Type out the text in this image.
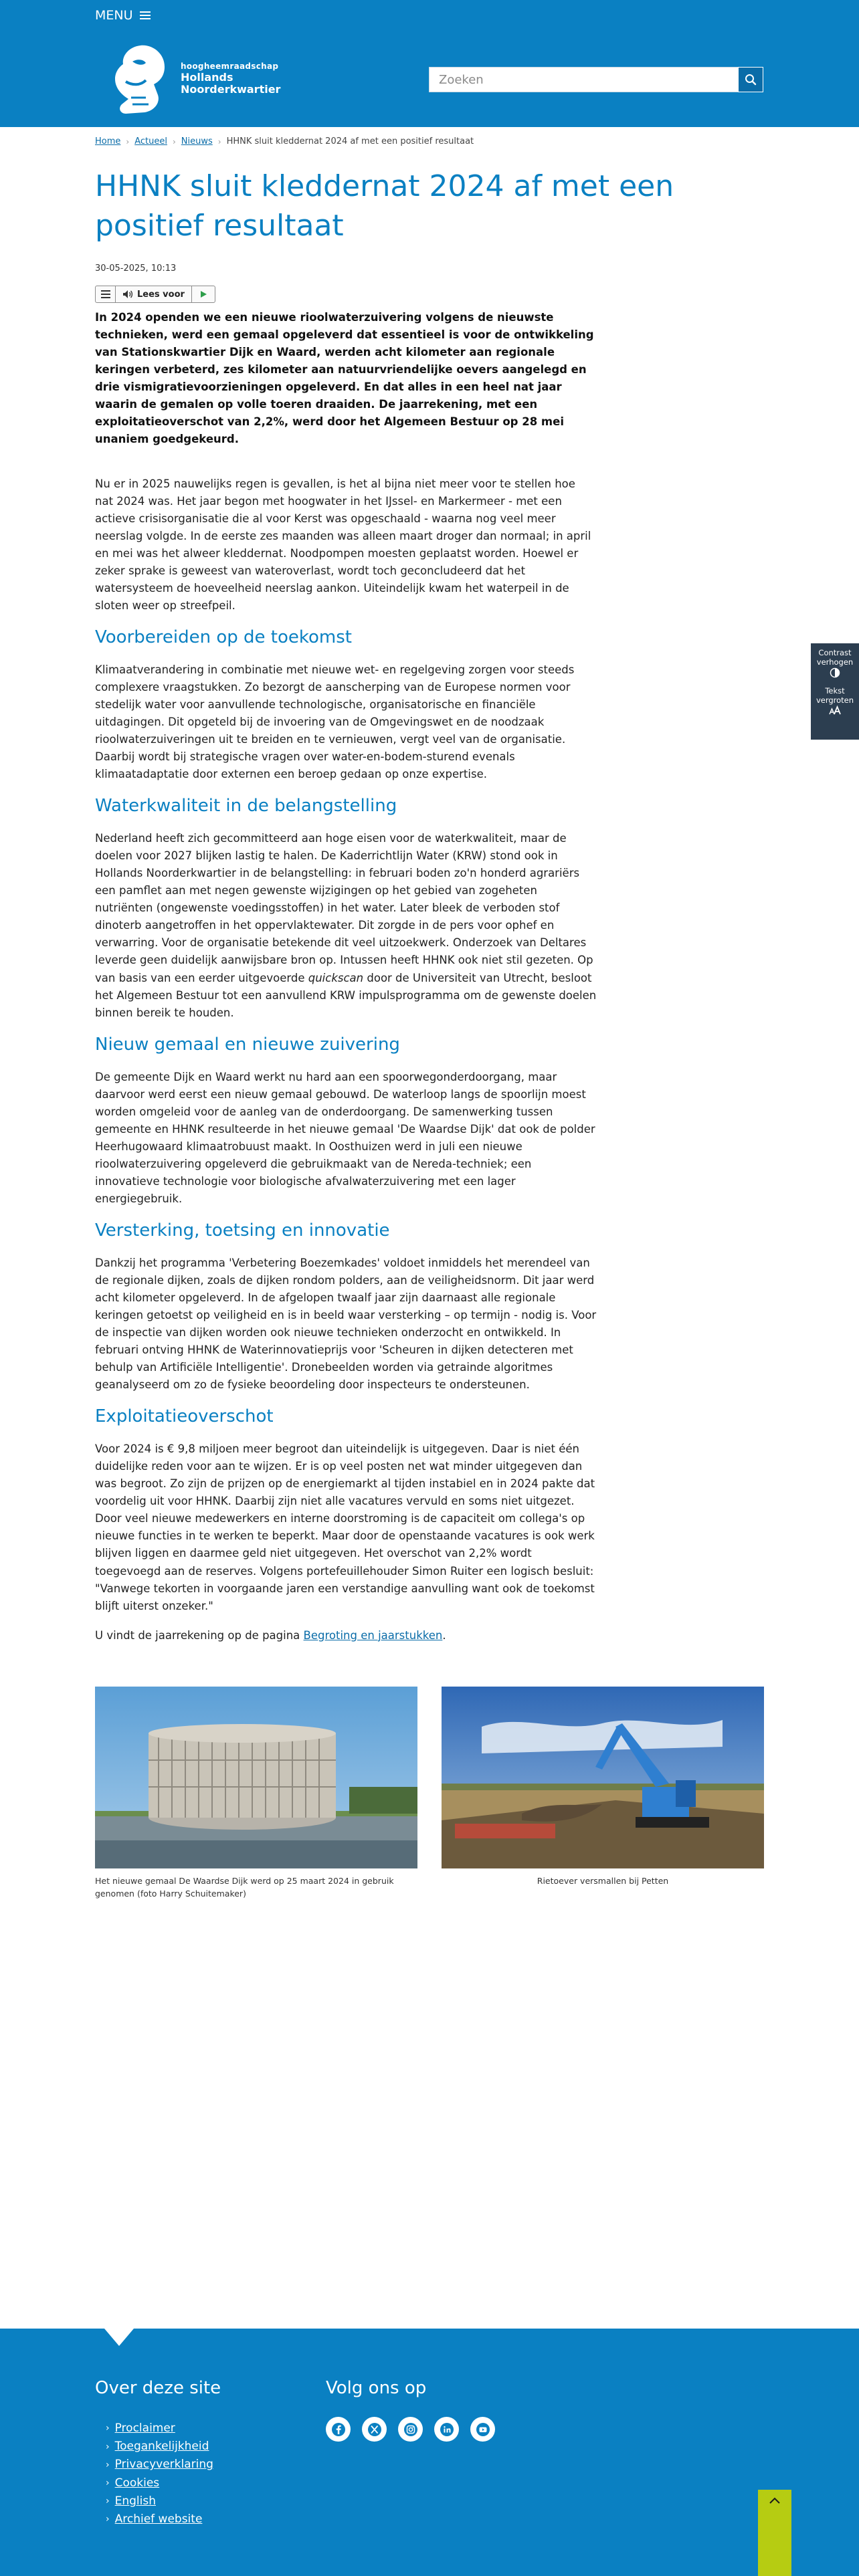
MENU
hoogheemraadschap
Hollands
Noorderkwartier
Zoeken
Home › Actueel › Nieuws › HHNK sluit kleddernat 2024 af met een positief resultaat
HHNK sluit kleddernat 2024 af met een positief resultaat
30-05-2025, 10:13
Lees voor

In 2024 openden we een nieuwe rioolwaterzuivering volgens de nieuwste technieken, werd een gemaal opgeleverd dat essentieel is voor de ontwikkeling van Stationskwartier Dijk en Waard, werden acht kilometer aan regionale keringen verbeterd, zes kilometer aan natuurvriendelijke oevers aangelegd en drie vismigratievoorzieningen opgeleverd. En dat alles in een heel nat jaar waarin de gemalen op volle toeren draaiden. De jaarrekening, met een exploitatieoverschot van 2,2%, werd door het Algemeen Bestuur op 28 mei unaniem goedgekeurd.

Nu er in 2025 nauwelijks regen is gevallen, is het al bijna niet meer voor te stellen hoe nat 2024 was. Het jaar begon met hoogwater in het IJssel- en Markermeer - met een actieve crisisorganisatie die al voor Kerst was opgeschaald - waarna nog veel meer neerslag volgde. In de eerste zes maanden was alleen maart droger dan normaal; in april en mei was het alweer kleddernat. Noodpompen moesten geplaatst worden. Hoewel er zeker sprake is geweest van wateroverlast, wordt toch geconcludeerd dat het watersysteem de hoeveelheid neerslag aankon. Uiteindelijk kwam het waterpeil in de sloten weer op streefpeil.

Voorbereiden op de toekomst

Klimaatverandering in combinatie met nieuwe wet- en regelgeving zorgen voor steeds complexere vraagstukken. Zo bezorgt de aanscherping van de Europese normen voor stedelijk water voor aanvullende technologische, organisatorische en financiële uitdagingen. Dit opgeteld bij de invoering van de Omgevingswet en de noodzaak rioolwaterzuiveringen uit te breiden en te vernieuwen, vergt veel van de organisatie. Daarbij wordt bij strategische vragen over water-en-bodem-sturend evenals klimaatadaptatie door externen een beroep gedaan op onze expertise.

Waterkwaliteit in de belangstelling

Nederland heeft zich gecommitteerd aan hoge eisen voor de waterkwaliteit, maar de doelen voor 2027 blijken lastig te halen. De Kaderrichtlijn Water (KRW) stond ook in Hollands Noorderkwartier in de belangstelling: in februari boden zo'n honderd agrariërs een pamflet aan met negen gewenste wijzigingen op het gebied van zogeheten nutriënten (ongewenste voedingsstoffen) in het water. Later bleek de verboden stof dinoterb aangetroffen in het oppervlaktewater. Dit zorgde in de pers voor ophef en verwarring. Voor de organisatie betekende dit veel uitzoekwerk. Onderzoek van Deltares leverde geen duidelijk aanwijsbare bron op. Intussen heeft HHNK ook niet stil gezeten. Op van basis van een eerder uitgevoerde quickscan door de Universiteit van Utrecht, besloot het Algemeen Bestuur tot een aanvullend KRW impulsprogramma om de gewenste doelen binnen bereik te houden.

Nieuw gemaal en nieuwe zuivering

De gemeente Dijk en Waard werkt nu hard aan een spoorwegonderdoorgang, maar daarvoor werd eerst een nieuw gemaal gebouwd. De waterloop langs de spoorlijn moest worden omgeleid voor de aanleg van de onderdoorgang. De samenwerking tussen gemeente en HHNK resulteerde in het nieuwe gemaal 'De Waardse Dijk' dat ook de polder Heerhugowaard klimaatrobuust maakt. In Oosthuizen werd in juli een nieuwe rioolwaterzuivering opgeleverd die gebruikmaakt van de Nereda-techniek; een innovatieve technologie voor biologische afvalwaterzuivering met een lager energiegebruik.

Versterking, toetsing en innovatie

Dankzij het programma 'Verbetering Boezemkades' voldoet inmiddels het merendeel van de regionale dijken, zoals de dijken rondom polders, aan de veiligheidsnorm. Dit jaar werd acht kilometer opgeleverd. In de afgelopen twaalf jaar zijn daarnaast alle regionale keringen getoetst op veiligheid en is in beeld waar versterking – op termijn - nodig is. Voor de inspectie van dijken worden ook nieuwe technieken onderzocht en ontwikkeld. In februari ontving HHNK de Waterinnovatieprijs voor 'Scheuren in dijken detecteren met behulp van Artificiële Intelligentie'. Dronebeelden worden via getrainde algoritmes geanalyseerd om zo de fysieke beoordeling door inspecteurs te ondersteunen.

Exploitatieoverschot

Voor 2024 is € 9,8 miljoen meer begroot dan uiteindelijk is uitgegeven. Daar is niet één duidelijke reden voor aan te wijzen. Er is op veel posten net wat minder uitgegeven dan was begroot. Zo zijn de prijzen op de energiemarkt al tijden instabiel en in 2024 pakte dat voordelig uit voor HHNK. Daarbij zijn niet alle vacatures vervuld en soms niet uitgezet. Door veel nieuwe medewerkers en interne doorstroming is de capaciteit om collega's op nieuwe functies in te werken te beperkt. Maar door de openstaande vacatures is ook werk blijven liggen en daarmee geld niet uitgegeven. Het overschot van 2,2% wordt toegevoegd aan de reserves. Volgens portefeuillehouder Simon Ruiter een logisch besluit: "Vanwege tekorten in voorgaande jaren een verstandige aanvulling want ook de toekomst blijft uiterst onzeker."

U vindt de jaarrekening op de pagina Begroting en jaarstukken.

Het nieuwe gemaal De Waardse Dijk werd op 25 maart 2024 in gebruik genomen (foto Harry Schuitemaker)
Rietoever versmallen bij Petten
Contrast verhogen

Tekst vergroten

Over deze site
› Proclaimer
› Toegankelijkheid
› Privacyverklaring
› Cookies
› English
› Archief website
Volg ons op
